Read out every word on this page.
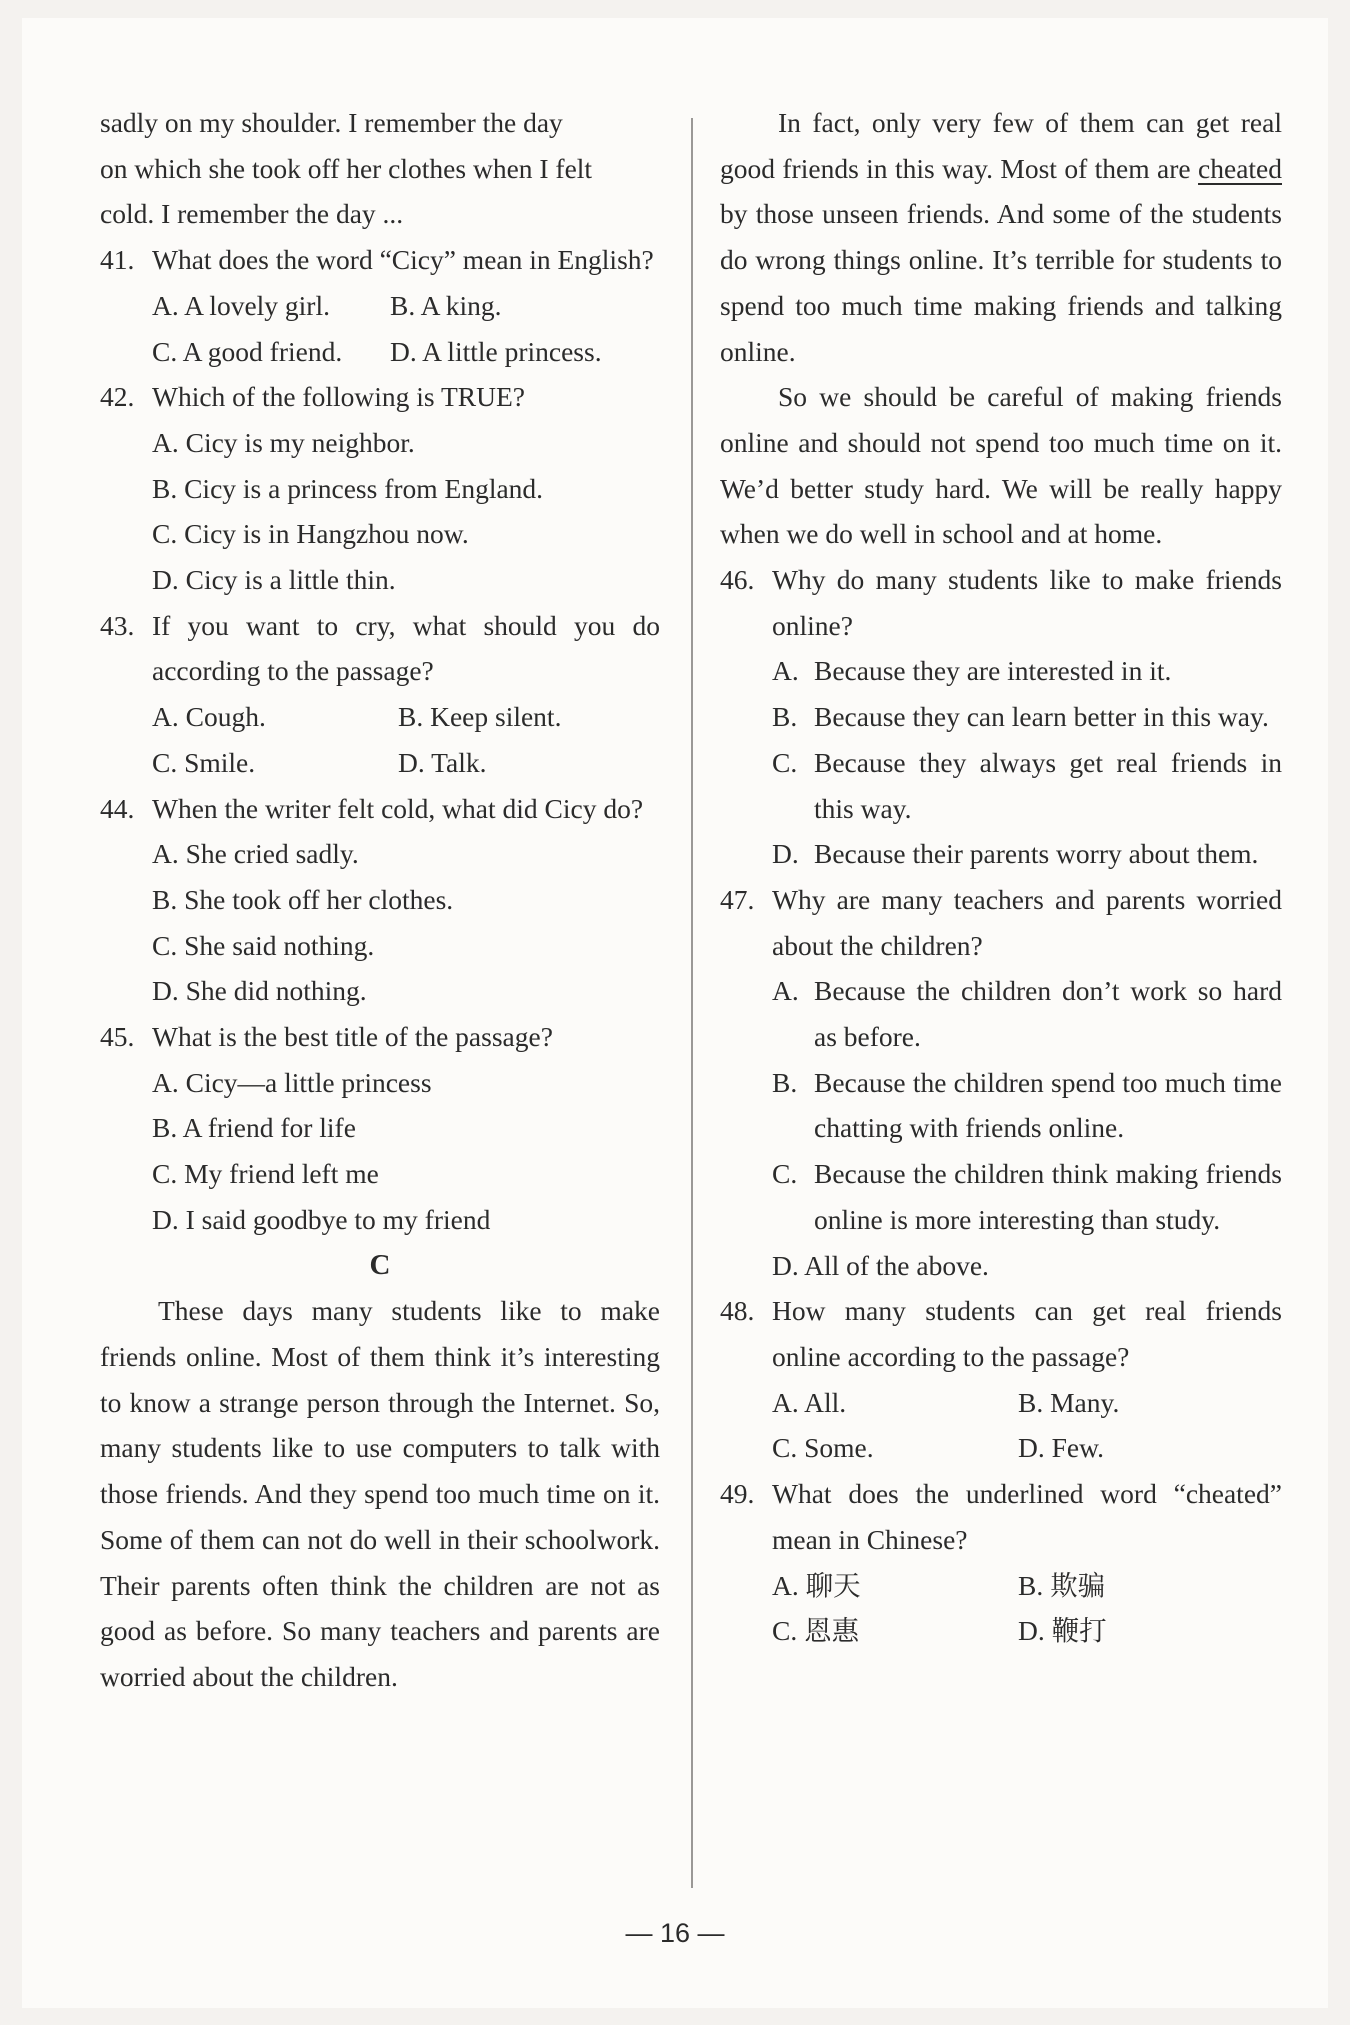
sadly on my shoulder. I remember the day
on which she took off her clothes when I felt
cold. I remember the day ...
41. What does the word “Cicy” mean in English?
A. A lovely girl.	B. A king.
C. A good friend.	D. A little princess.
42. Which of the following is TRUE?
A. Cicy is my neighbor.
B. Cicy is a princess from England.
C. Cicy is in Hangzhou now.
D. Cicy is a little thin.
43. If you want to cry, what should you do according to the passage?
A. Cough.	B. Keep silent.
C. Smile.	D. Talk.
44. When the writer felt cold, what did Cicy do?
A. She cried sadly.
B. She took off her clothes.
C. She said nothing.
D. She did nothing.
45. What is the best title of the passage?
A. Cicy—a little princess
B. A friend for life
C. My friend left me
D. I said goodbye to my friend
C
These days many students like to make friends online. Most of them think it’s interesting to know a strange person through the Internet. So, many students like to use computers to talk with those friends. And they spend too much time on it. Some of them can not do well in their schoolwork. Their parents often think the children are not as good as before. So many teachers and parents are worried about the children.
In fact, only very few of them can get real good friends in this way. Most of them are cheated by those unseen friends. And some of the students do wrong things online. It’s terrible for students to spend too much time making friends and talking online.
So we should be careful of making friends online and should not spend too much time on it. We’d better study hard. We will be really happy when we do well in school and at home.
46. Why do many students like to make friends online?
A. Because they are interested in it.
B. Because they can learn better in this way.
C. Because they always get real friends in this way.
D. Because their parents worry about them.
47. Why are many teachers and parents worried about the children?
A. Because the children don’t work so hard as before.
B. Because the children spend too much time chatting with friends online.
C. Because the children think making friends online is more interesting than study.
D. All of the above.
48. How many students can get real friends online according to the passage?
A. All.	B. Many.
C. Some.	D. Few.
49. What does the underlined word “cheated” mean in Chinese?
A. 聊天	B. 欺骗
C. 恩惠	D. 鞭打
— 16 —
